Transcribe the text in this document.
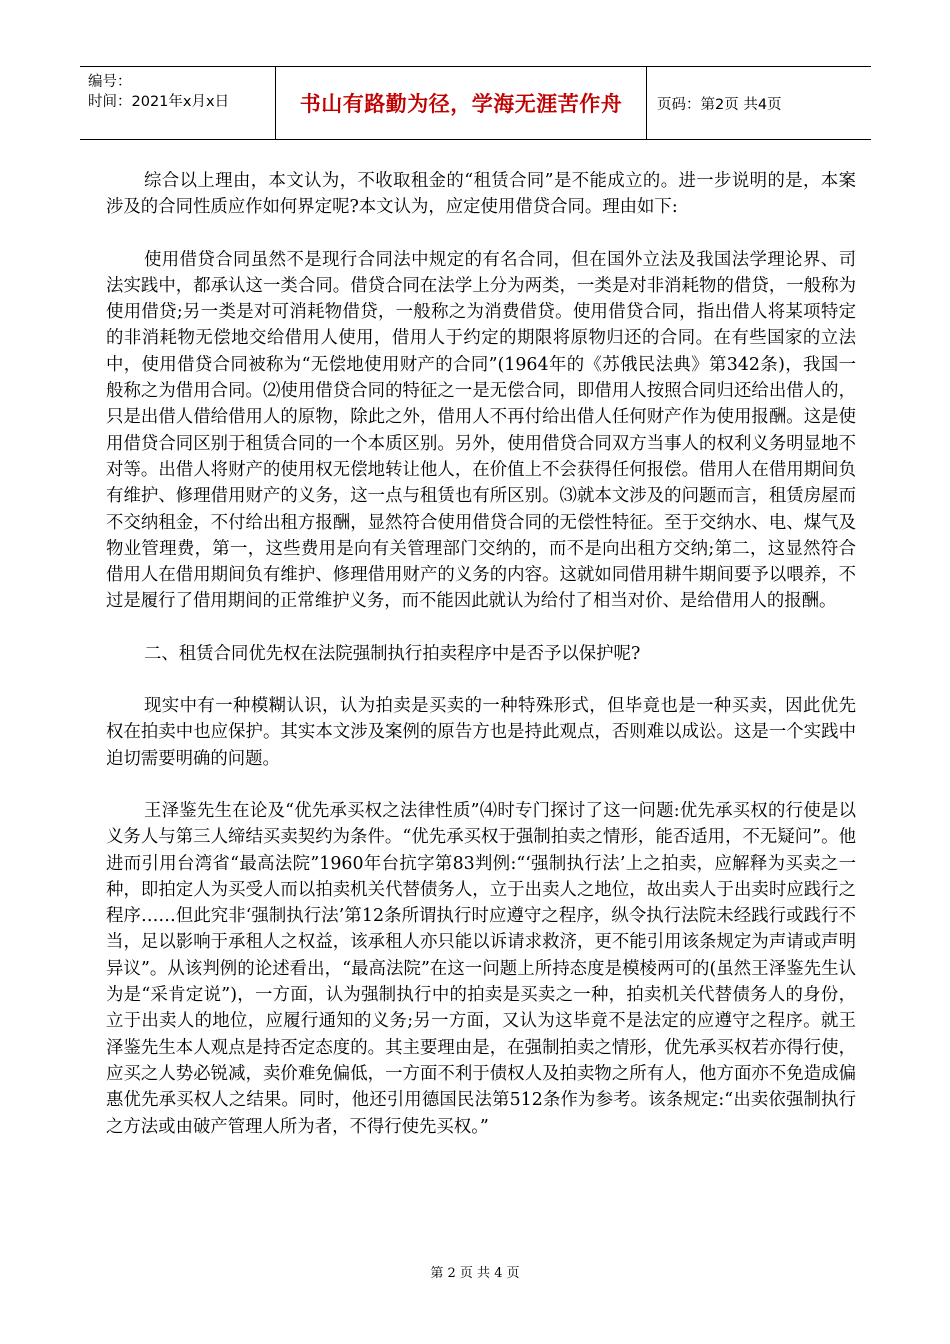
编号：
时间：2021年x月x日	书山有路勤为径，学海无涯苦作舟 页码：第2页 共4页

综合以上理由，本文认为，不收取租金的“租赁合同”是不能成立的。进一步说明的是，本案涉及的合同性质应作如何界定呢?本文认为，应定使用借贷合同。理由如下:

使用借贷合同虽然不是现行合同法中规定的有名合同，但在国外立法及我国法学理论界、司法实践中，都承认这一类合同。借贷合同在法学上分为两类，一类是对非消耗物的借贷，一般称为使用借贷;另一类是对可消耗物借贷，一般称之为消费借贷。使用借贷合同，指出借人将某项特定的非消耗物无偿地交给借用人使用，借用人于约定的期限将原物归还的合同。在有些国家的立法中，使用借贷合同被称为“无偿地使用财产的合同”(1964年的《苏俄民法典》第342条)，我国一般称之为借用合同。⑵使用借贷合同的特征之一是无偿合同，即借用人按照合同归还给出借人的，只是出借人借给借用人的原物，除此之外，借用人不再付给出借人任何财产作为使用报酬。这是使用借贷合同区别于租赁合同的一个本质区别。另外，使用借贷合同双方当事人的权利义务明显地不对等。出借人将财产的使用权无偿地转让他人，在价值上不会获得任何报偿。借用人在借用期间负有维护、修理借用财产的义务，这一点与租赁也有所区别。⑶就本文涉及的问题而言，租赁房屋而不交纳租金，不付给出租方报酬，显然符合使用借贷合同的无偿性特征。至于交纳水、电、煤气及物业管理费，第一，这些费用是向有关管理部门交纳的，而不是向出租方交纳;第二，这显然符合借用人在借用期间负有维护、修理借用财产的义务的内容。这就如同借用耕牛期间要予以喂养，不过是履行了借用期间的正常维护义务，而不能因此就认为给付了相当对价、是给借用人的报酬。

二、租赁合同优先权在法院强制执行拍卖程序中是否予以保护呢?

现实中有一种模糊认识，认为拍卖是买卖的一种特殊形式，但毕竟也是一种买卖，因此优先权在拍卖中也应保护。其实本文涉及案例的原告方也是持此观点，否则难以成讼。这是一个实践中迫切需要明确的问题。

王泽鉴先生在论及“优先承买权之法律性质”⑷时专门探讨了这一问题:优先承买权的行使是以义务人与第三人缔结买卖契约为条件。“优先承买权于强制拍卖之情形，能否适用，不无疑问”。他进而引用台湾省“最高法院”1960年台抗字第83判例:“‘强制执行法’上之拍卖，应解释为买卖之一种，即拍定人为买受人而以拍卖机关代替债务人，立于出卖人之地位，故出卖人于出卖时应践行之程序……但此究非‘强制执行法’第12条所谓执行时应遵守之程序，纵令执行法院未经践行或践行不当，足以影响于承租人之权益，该承租人亦只能以诉请求救济，更不能引用该条规定为声请或声明异议”。从该判例的论述看出，“最高法院”在这一问题上所持态度是模棱两可的(虽然王泽鉴先生认为是“采肯定说”)，一方面，认为强制执行中的拍卖是买卖之一种，拍卖机关代替债务人的身份，立于出卖人的地位，应履行通知的义务;另一方面，又认为这毕竟不是法定的应遵守之程序。就王泽鉴先生本人观点是持否定态度的。其主要理由是，在强制拍卖之情形，优先承买权若亦得行使，应买之人势必锐减，卖价难免偏低，一方面不利于债权人及拍卖物之所有人，他方面亦不免造成偏惠优先承买权人之结果。同时，他还引用德国民法第512条作为参考。该条规定:“出卖依强制执行之方法或由破产管理人所为者，不得行使先买权。”

第 2 页 共 4 页
